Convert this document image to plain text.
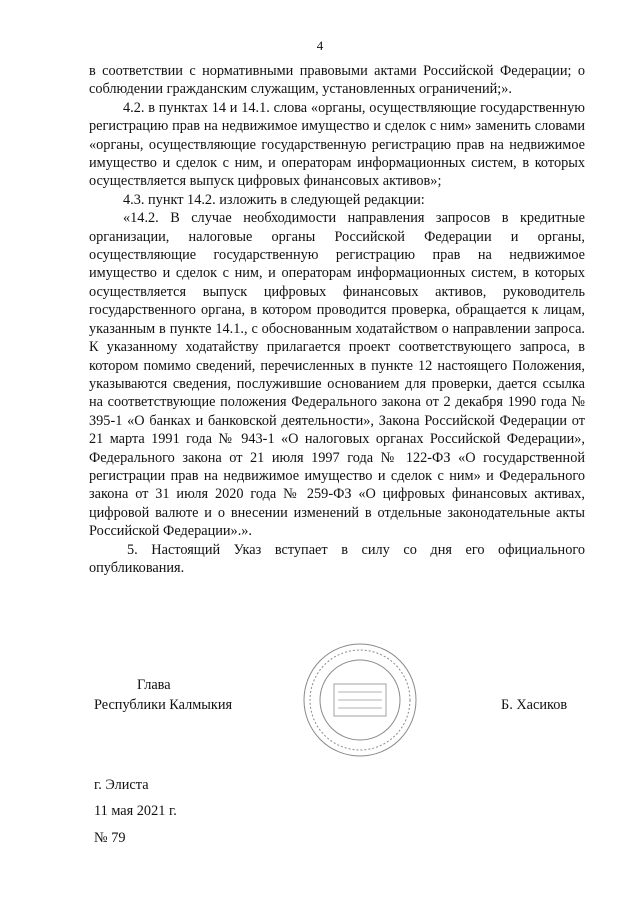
4

в соответствии с нормативными правовыми актами Российской Федерации; о соблюдении гражданским служащим, установленных ограничений;».

4.2. в пунктах 14 и 14.1. слова «органы, осуществляющие государственную регистрацию прав на недвижимое имущество и сделок с ним» заменить словами «органы, осуществляющие государственную регистрацию прав на недвижимое имущество и сделок с ним, и операторам информационных систем, в которых осуществляется выпуск цифровых финансовых активов»;

4.3. пункт 14.2. изложить в следующей редакции:

«14.2. В случае необходимости направления запросов в кредитные организации, налоговые органы Российской Федерации и органы, осуществляющие государственную регистрацию прав на недвижимое имущество и сделок с ним, и операторам информационных систем, в которых осуществляется выпуск цифровых финансовых активов, руководитель государственного органа, в котором проводится проверка, обращается к лицам, указанным в пункте 14.1., с обоснованным ходатайством о направлении запроса. К указанному ходатайству прилагается проект соответствующего запроса, в котором помимо сведений, перечисленных в пункте 12 настоящего Положения, указываются сведения, послужившие основанием для проверки, дается ссылка на соответствующие положения Федерального закона от 2 декабря 1990 года № 395-1 «О банках и банковской деятельности», Закона Российской Федерации от 21 марта 1991 года № 943-1 «О налоговых органах Российской Федерации», Федерального закона от 21 июля 1997 года № 122-ФЗ «О государственной регистрации прав на недвижимое имущество и сделок с ним» и Федерального закона от 31 июля 2020 года № 259-ФЗ «О цифровых финансовых активах, цифровой валюте и о внесении изменений в отдельные законодательные акты Российской Федерации».».

5. Настоящий Указ вступает в силу со дня его официального опубликования.

Глава
Республики Калмыкия	Б. Хасиков
г. Элиста
11 мая 2021 г.
№ 79
